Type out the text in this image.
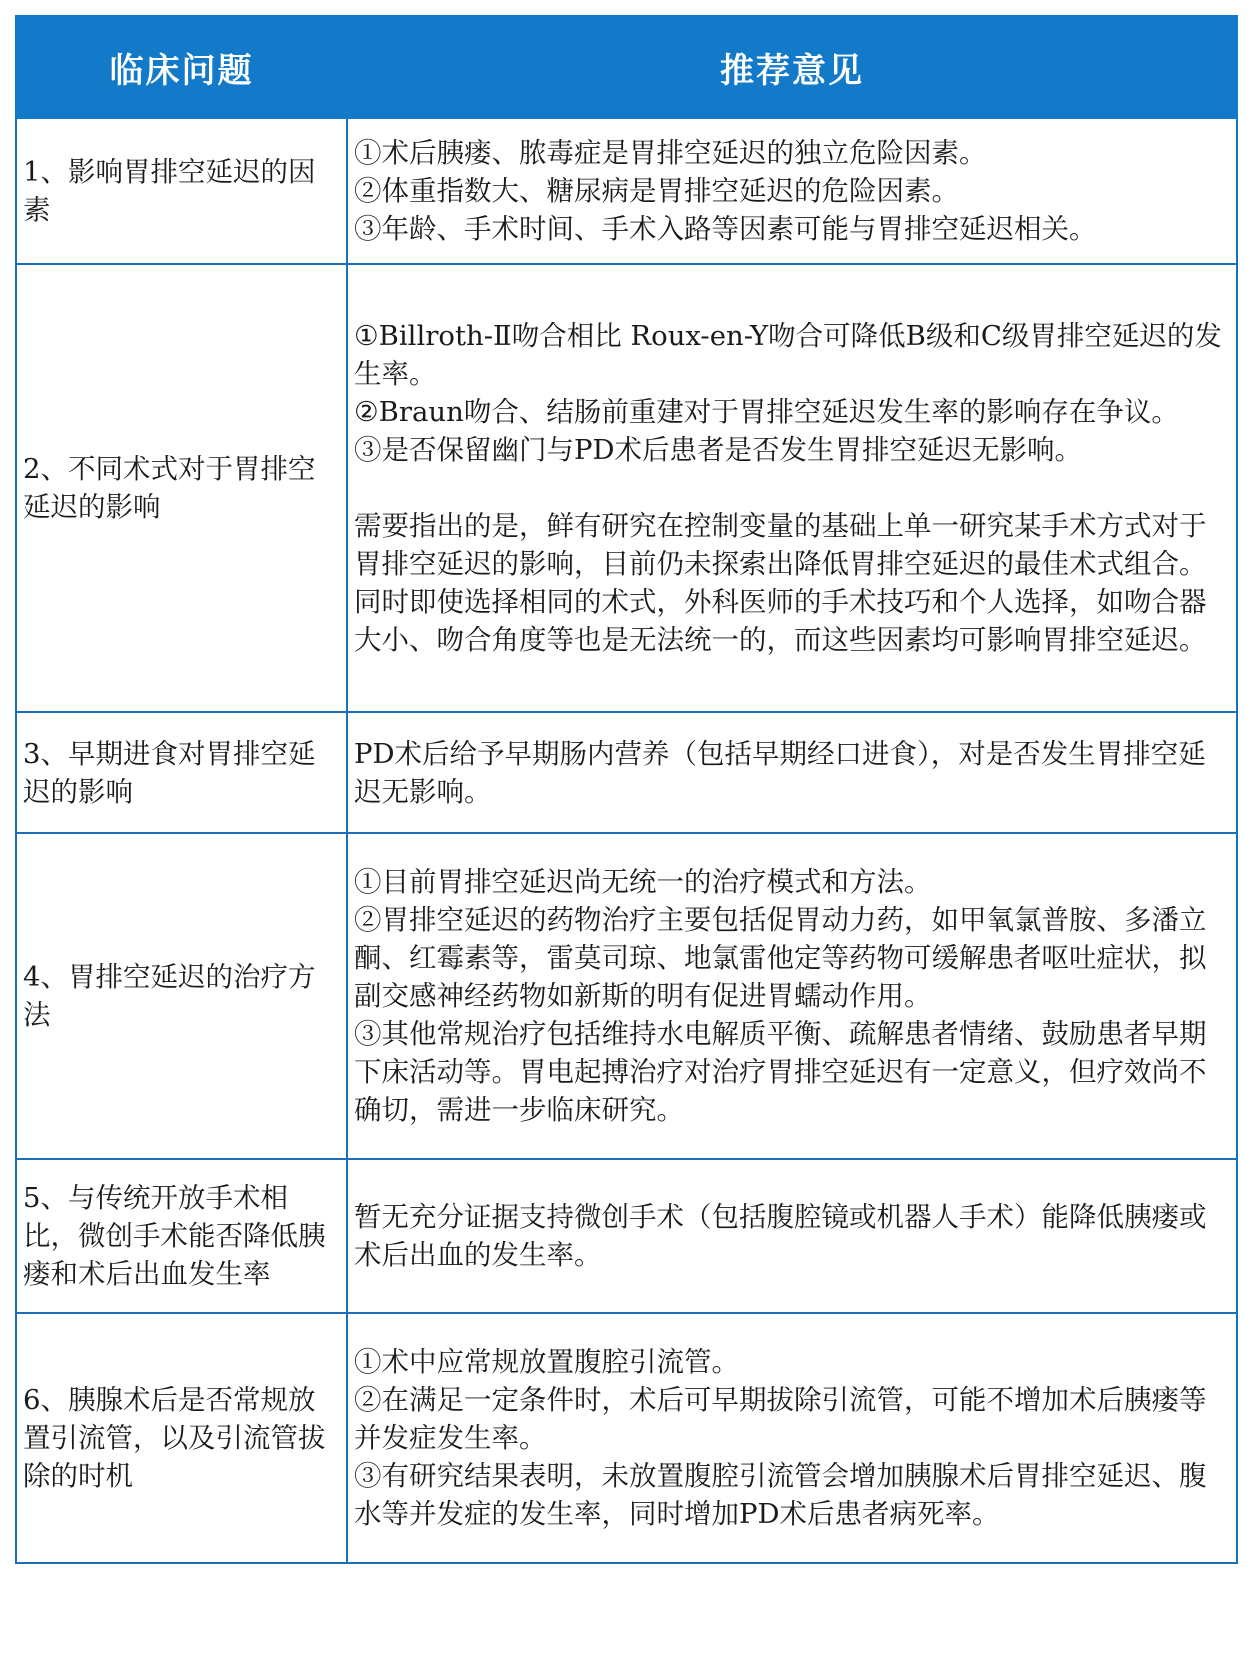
临床问题	推荐意见
1、影响胃排空延迟的因素	①术后胰瘘、脓毒症是胃排空延迟的独立危险因素。
②体重指数大、糖尿病是胃排空延迟的危险因素。
③年龄、手术时间、手术入路等因素可能与胃排空延迟相关。

2、不同术式对于胃排空延迟的影响	①Billroth-Ⅱ吻合相比 Roux-en-Y吻合可降低B级和C级胃排空延迟的发生率。
②Braun吻合、结肠前重建对于胃排空延迟发生率的影响存在争议。
③是否保留幽门与PD术后患者是否发生胃排空延迟无影响。
需要指出的是，鲜有研究在控制变量的基础上单一研究某手术方式对于胃排空延迟的影响，目前仍未探索出降低胃排空延迟的最佳术式组合。同时即使选择相同的术式，外科医师的手术技巧和个人选择，如吻合器大小、吻合角度等也是无法统一的，而这些因素均可影响胃排空延迟。

3、早期进食对胃排空延迟的影响	PD术后给予早期肠内营养（包括早期经口进食），对是否发生胃排空延迟无影响。

4、胃排空延迟的治疗方法	①目前胃排空延迟尚无统一的治疗模式和方法。
②胃排空延迟的药物治疗主要包括促胃动力药，如甲氧氯普胺、多潘立酮、红霉素等，雷莫司琼、地氯雷他定等药物可缓解患者呕吐症状，拟副交感神经药物如新斯的明有促进胃蠕动作用。
③其他常规治疗包括维持水电解质平衡、疏解患者情绪、鼓励患者早期下床活动等。胃电起搏治疗对治疗胃排空延迟有一定意义，但疗效尚不确切，需进一步临床研究。

5、与传统开放手术相比，微创手术能否降低胰瘘和术后出血发生率	暂无充分证据支持微创手术（包括腹腔镜或机器人手术）能降低胰瘘或术后出血的发生率。

6、胰腺术后是否常规放置引流管，以及引流管拔除的时机	①术中应常规放置腹腔引流管。
②在满足一定条件时，术后可早期拔除引流管，可能不增加术后胰瘘等并发症发生率。
③有研究结果表明，未放置腹腔引流管会增加胰腺术后胃排空延迟、腹水等并发症的发生率，同时增加PD术后患者病死率。
